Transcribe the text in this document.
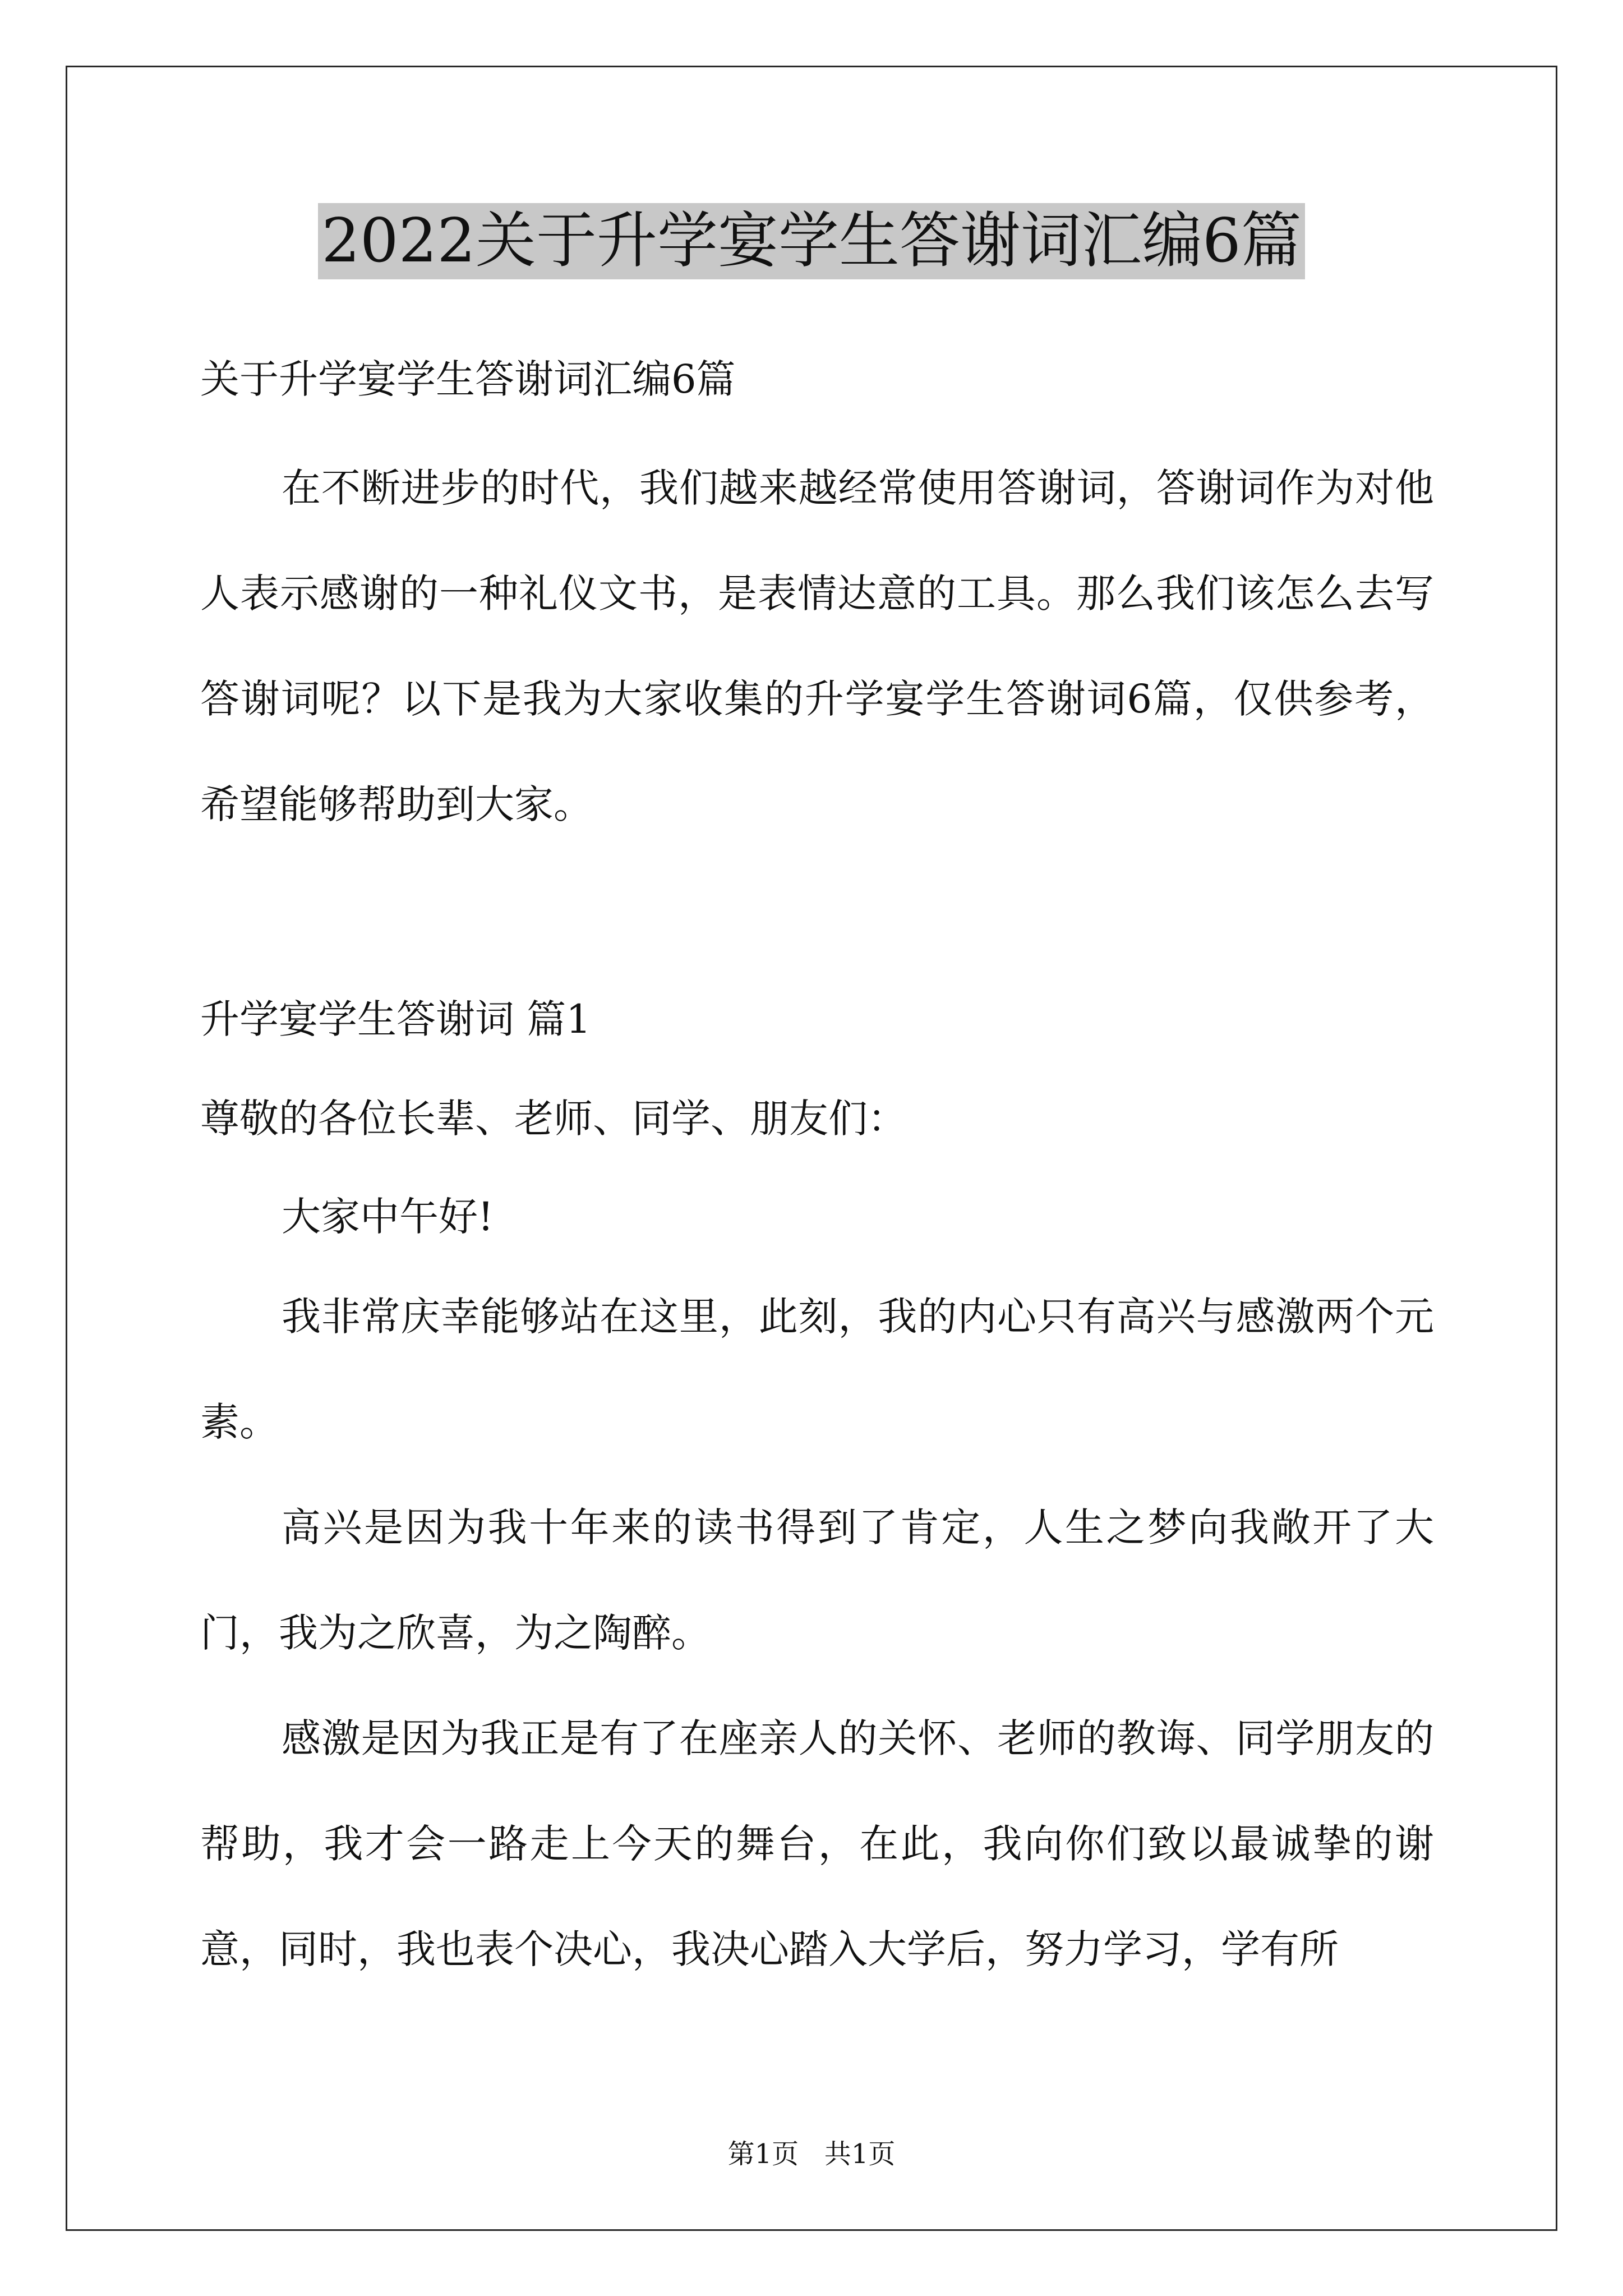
2022关于升学宴学生答谢词汇编6篇
关于升学宴学生答谢词汇编6篇

在不断进步的时代，我们越来越经常使用答谢词，答谢词作为对他人表示感谢的一种礼仪文书，是表情达意的工具。那么我们该怎么去写答谢词呢？以下是我为大家收集的升学宴学生答谢词6篇，仅供参考，希望能够帮助到大家。

升学宴学生答谢词 篇1
尊敬的各位长辈、老师、同学、朋友们：
大家中午好!

我非常庆幸能够站在这里，此刻，我的内心只有高兴与感激两个元素。

高兴是因为我十年来的读书得到了肯定，人生之梦向我敞开了大门，我为之欣喜，为之陶醉。

感激是因为我正是有了在座亲人的关怀、老师的教诲、同学朋友的帮助，我才会一路走上今天的舞台，在此，我向你们致以最诚挚的谢意，同时，我也表个决心，我决心踏入大学后，努力学习，学有所

第1页   共1页
